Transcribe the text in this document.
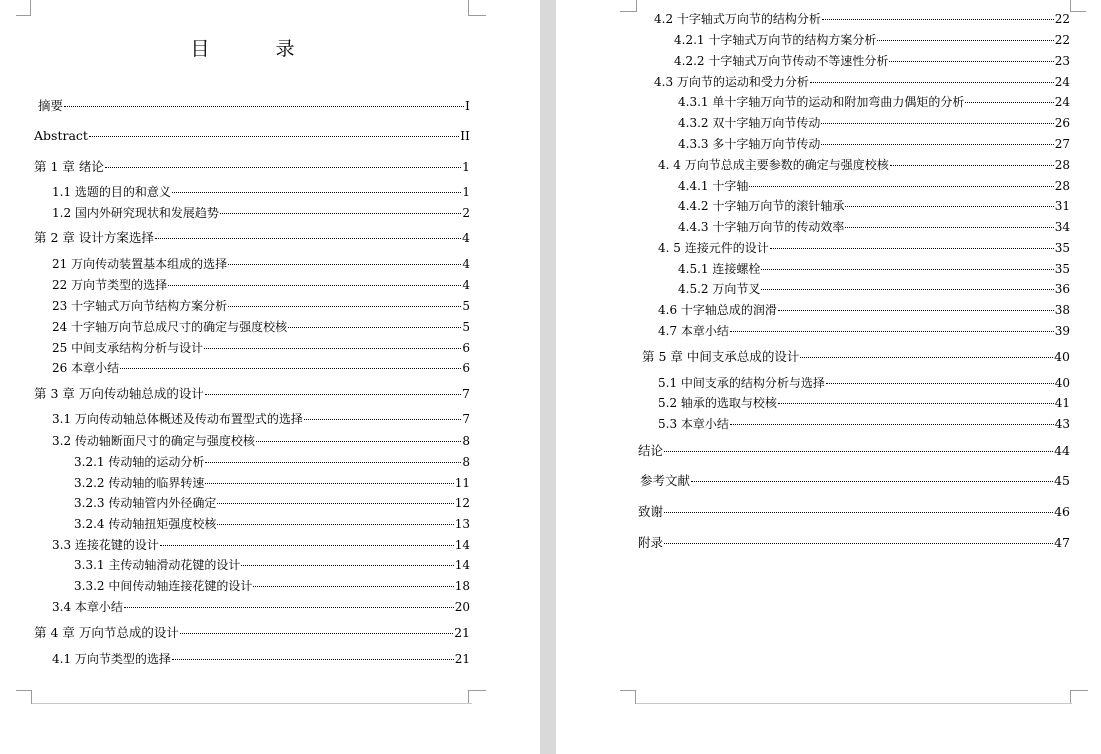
目 录
摘要	I
Abstract	II
第 1 章 绪论	1
1.1 选题的目的和意义	1
1.2 国内外研究现状和发展趋势	2
第 2 章 设计方案选择	4
21 万向传动装置基本组成的选择	4
22 万向节类型的选择	4
23 十字轴式万向节结构方案分析	5
24 十字轴万向节总成尺寸的确定与强度校核	5
25 中间支承结构分析与设计	6
26 本章小结	6
第 3 章 万向传动轴总成的设计	7
3.1 万向传动轴总体概述及传动布置型式的选择	7
3.2 传动轴断面尺寸的确定与强度校核	8
3.2.1 传动轴的运动分析	8
3.2.2 传动轴的临界转速	11
3.2.3 传动轴管内外径确定	12
3.2.4 传动轴扭矩强度校核	13
3.3 连接花键的设计	14
3.3.1 主传动轴滑动花键的设计	14
3.3.2 中间传动轴连接花键的设计	18
3.4 本章小结	20
第 4 章 万向节总成的设计	21
4.1 万向节类型的选择	21
4.2 十字轴式万向节的结构分析	22
4.2.1 十字轴式万向节的结构方案分析	22
4.2.2 十字轴式万向节传动不等速性分析	23
4.3 万向节的运动和受力分析	24
4.3.1 单十字轴万向节的运动和附加弯曲力偶矩的分析	24
4.3.2 双十字轴万向节传动	26
4.3.3 多十字轴万向节传动	27
4. 4 万向节总成主要参数的确定与强度校核	28
4.4.1 十字轴	28
4.4.2 十字轴万向节的滚针轴承	31
4.4.3 十字轴万向节的传动效率	34
4. 5 连接元件的设计	35
4.5.1 连接螺栓	35
4.5.2 万向节叉	36
4.6 十字轴总成的润滑	38
4.7 本章小结	39
第 5 章 中间支承总成的设计	40
5.1 中间支承的结构分析与选择	40
5.2 轴承的选取与校核	41
5.3 本章小结	43
结论	44
参考文献	45
致谢	46
附录	47
